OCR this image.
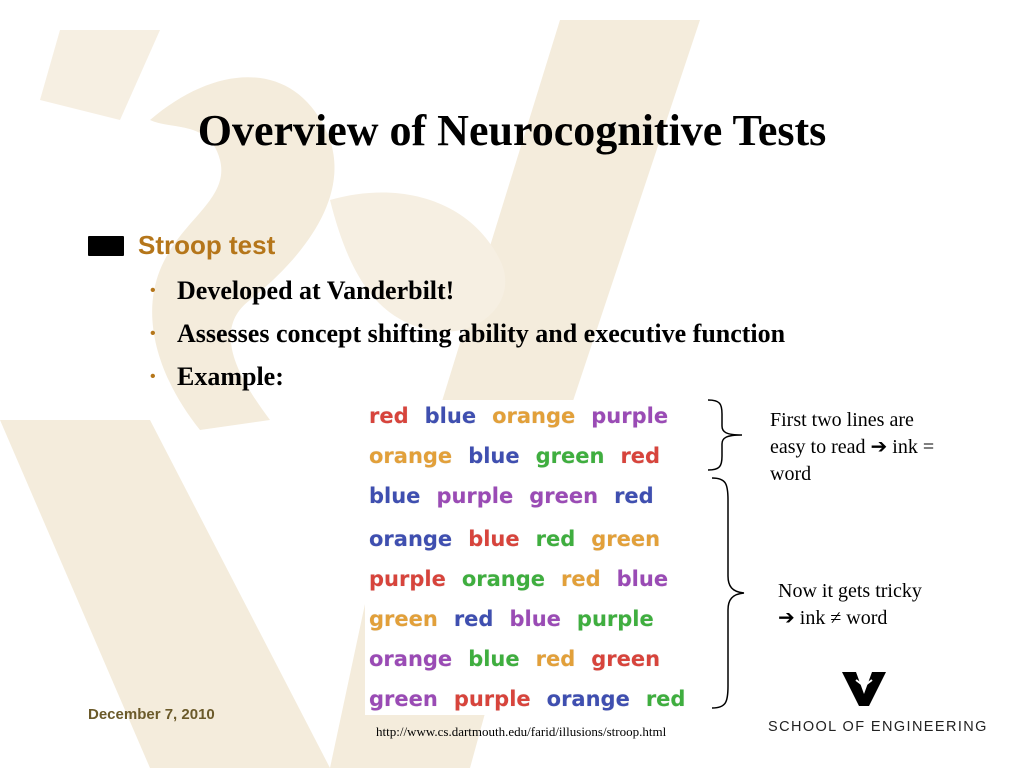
Overview of Neurocognitive Tests
Stroop test
• Developed at Vanderbilt!
• Assesses concept shifting ability and executive function
• Example:
red blue orange purple
orange blue green red
blue purple green red
orange blue red green
purple orange red blue
green red blue purple
orange blue red green
green purple orange red
First two lines are
easy to read ➔ ink =
word
Now it gets tricky
➔ ink ≠ word
December 7, 2010
http://www.cs.dartmouth.edu/farid/illusions/stroop.html	SCHOOL OF ENGINEERING
